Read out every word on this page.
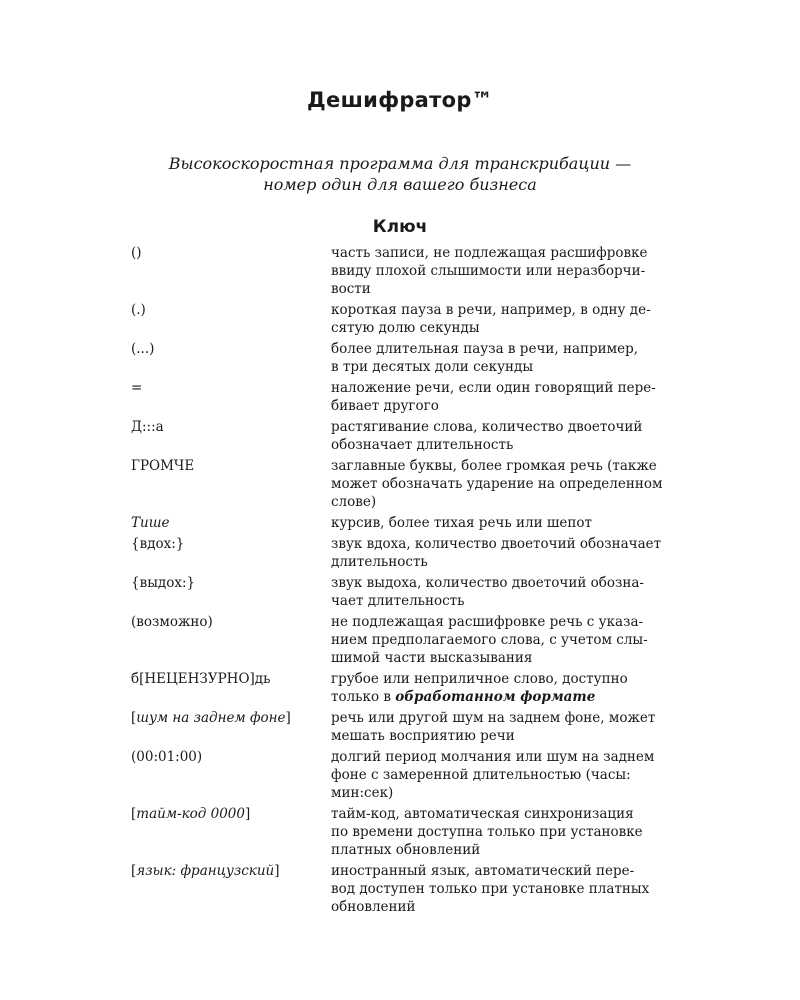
Дешифратор™
Высокоскоростная программа для транскрибации —
номер один для вашего бизнеса
Ключ
()	часть записи, не подлежащая расшифровке
ввиду плохой слышимости или неразборчи-
вости
(.)	короткая пауза в речи, например, в одну де-
сятую долю секунды
(...)	более длительная пауза в речи, например,
в три десятых доли секунды
=	наложение речи, если один говорящий пере-
бивает другого
Д:::а	растягивание слова, количество двоеточий
обозначает длительность
ГРОМЧЕ	заглавные буквы, более громкая речь (также
может обозначать ударение на определенном
слове)
Тише	курсив, более тихая речь или шепот
{вдох:}	звук вдоха, количество двоеточий обозначает
длительность
{выдох:}	звук выдоха, количество двоеточий обозна-
чает длительность
(возможно)	не подлежащая расшифровке речь с указа-
нием предполагаемого слова, с учетом слы-
шимой части высказывания
б[НЕЦЕНЗУРНО]дь	грубое или неприличное слово, доступно
только в обработанном формате
[шум на заднем фоне]	речь или другой шум на заднем фоне, может
мешать восприятию речи
(00:01:00)	долгий период молчания или шум на заднем
фоне с замеренной длительностью (часы:
мин:сек)
[тайм-код 0000]	тайм-код, автоматическая синхронизация
по времени доступна только при установке
платных обновлений
[язык: французский]	иностранный язык, автоматический пере-
вод доступен только при установке платных
обновлений
